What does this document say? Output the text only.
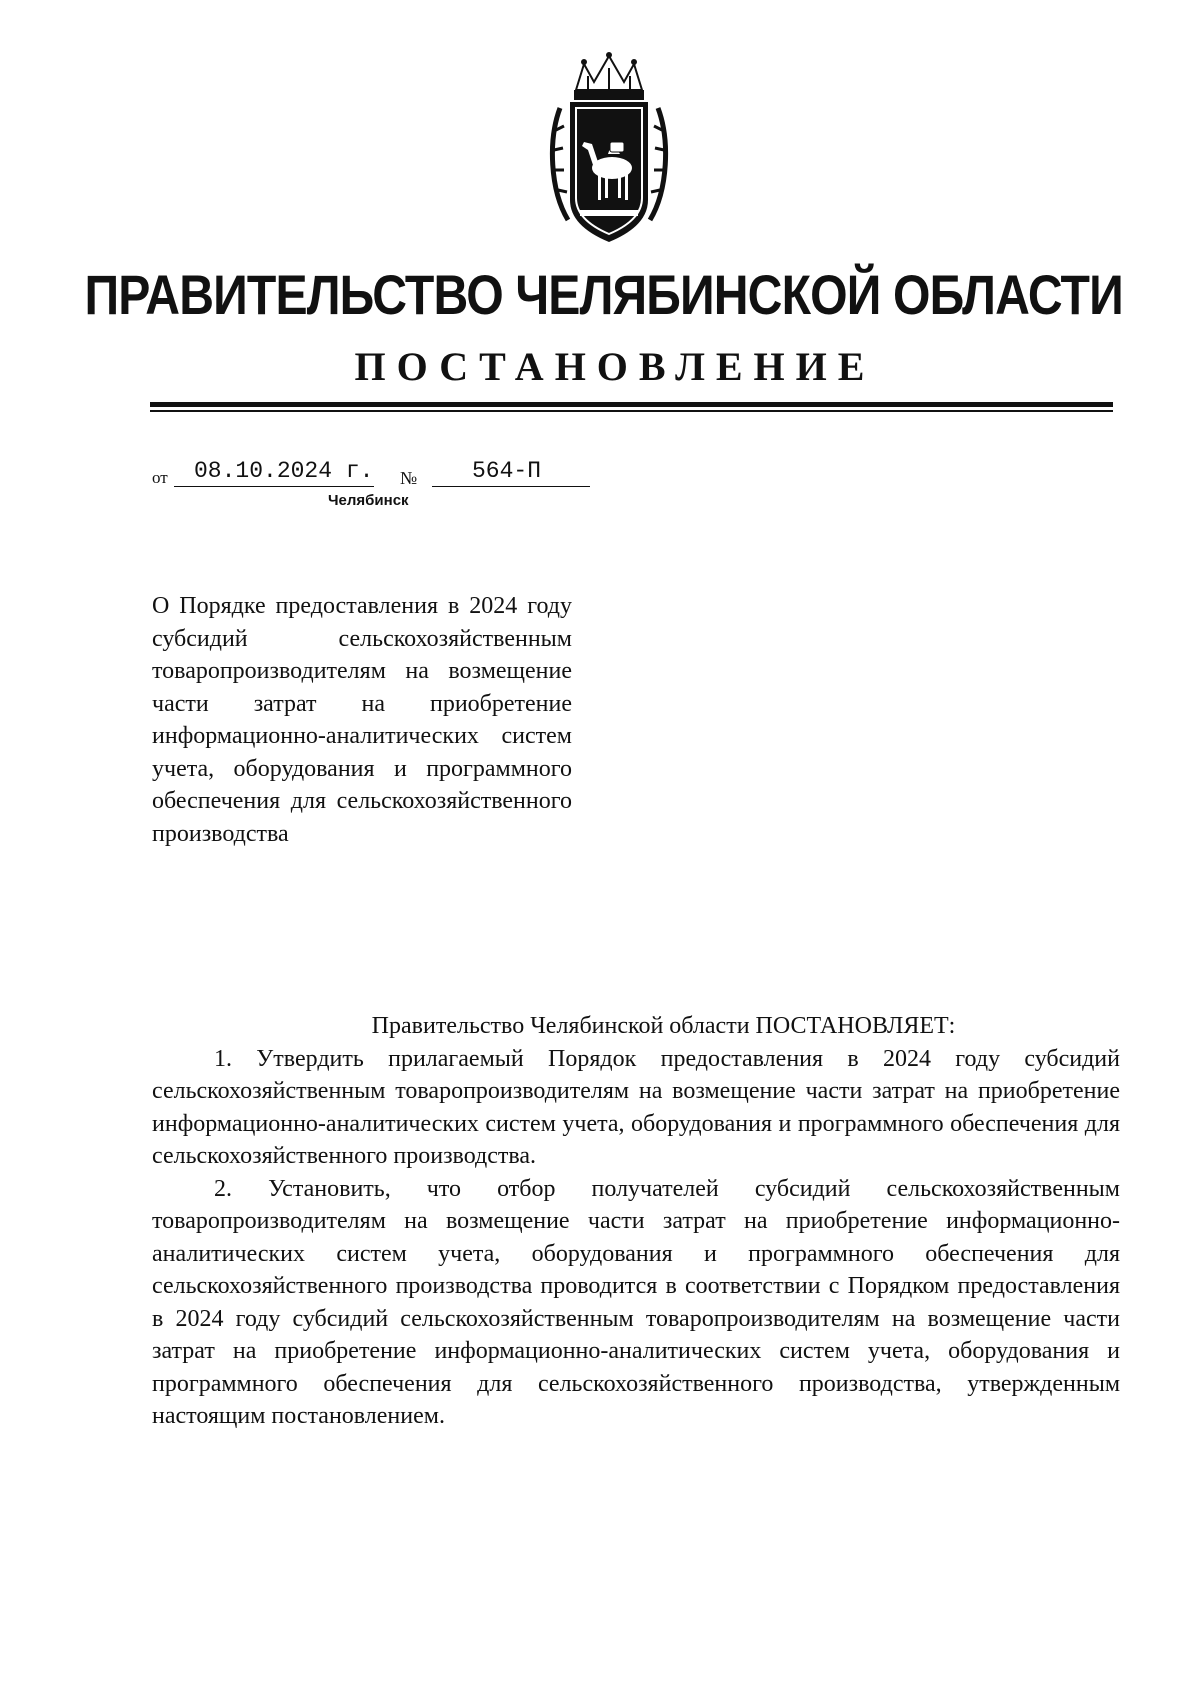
ПРАВИТЕЛЬСТВО ЧЕЛЯБИНСКОЙ ОБЛАСТИ
ПОСТАНОВЛЕНИЕ
от 08.10.2024 г. № 564-П
Челябинск
О Порядке предоставления в 2024 году субсидий сельскохозяйственным товаропроизводителям на возмещение части затрат на приобретение информационно-аналитических систем учета, оборудования и программного обеспечения для сельскохозяйственного производства

Правительство Челябинской области ПОСТАНОВЛЯЕТ:

1. Утвердить прилагаемый Порядок предоставления в 2024 году субсидий сельскохозяйственным товаропроизводителям на возмещение части затрат на приобретение информационно-аналитических систем учета, оборудования и программного обеспечения для сельскохозяйственного производства.

2. Установить, что отбор получателей субсидий сельскохозяйственным товаропроизводителям на возмещение части затрат на приобретение информационно-аналитических систем учета, оборудования и программного обеспечения для сельскохозяйственного производства проводится в соответствии с Порядком предоставления в 2024 году субсидий сельскохозяйственным товаропроизводителям на возмещение части затрат на приобретение информационно-аналитических систем учета, оборудования и программного обеспечения для сельскохозяйственного производства, утвержденным настоящим постановлением.
